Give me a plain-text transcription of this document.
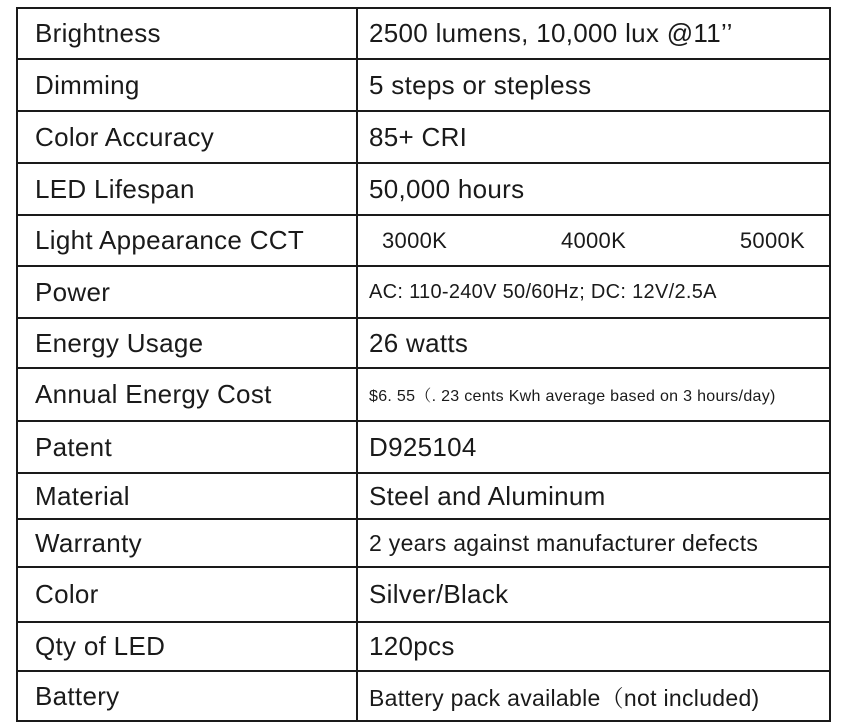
Brightness	2500 lumens, 10,000 lux @11’’
Dimming	5 steps or stepless
Color Accuracy	85+ CRI
LED Lifespan	50,000 hours
Light Appearance CCT	3000K 4000K 5000K

Power	AC: 110-240V 50/60Hz; DC: 12V/2.5A
Energy Usage	26 watts
Annual Energy Cost	$6. 55（. 23 cents Kwh average based on 3 hours/day)
Patent	D925104
Material	Steel and Aluminum
Warranty	2 years against manufacturer defects
Color	Silver/Black
Qty of LED	120pcs
Battery	Battery pack available（not included)
